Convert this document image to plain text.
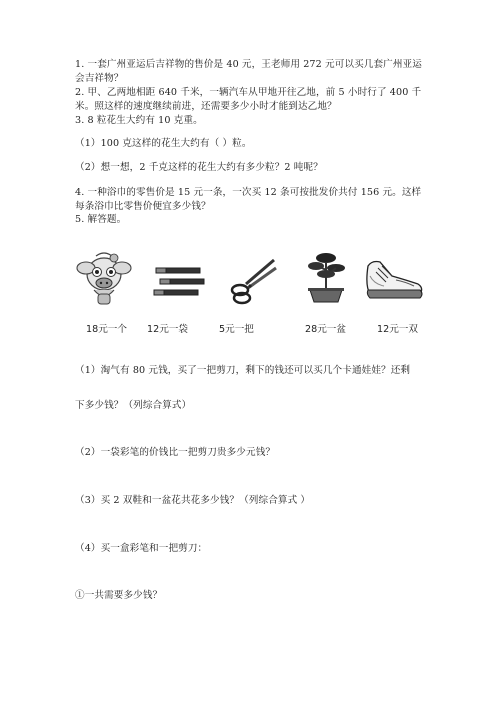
1. 一套广州亚运后吉祥物的售价是 40 元，王老师用 272 元可以买几套广州亚运
会吉祥物？
2. 甲、乙两地相距 640 千米，一辆汽车从甲地开往乙地，前 5 小时行了 400 千
米。照这样的速度继续前进，还需要多少小时才能到达乙地？
3. 8 粒花生大约有 10 克重。
（1）100 克这样的花生大约有（ ）粒。
（2）想一想，2 千克这样的花生大约有多少粒？2 吨呢？
4. 一种浴巾的零售价是 15 元一条，一次买 12 条可按批发价共付 156 元。这样
每条浴巾比零售价便宜多少钱？
5. 解答题。
18元一个 12元一袋	5元一把	28元一盆	12元一双
（1）淘气有 80 元钱，买了一把剪刀，剩下的钱还可以买几个卡通娃娃？还剩
下多少钱？（列综合算式）
（2）一袋彩笔的价钱比一把剪刀贵多少元钱？
（3）买 2 双鞋和一盆花共花多少钱？（列综合算式 ）
（4）买一盒彩笔和一把剪刀：
①一共需要多少钱？
